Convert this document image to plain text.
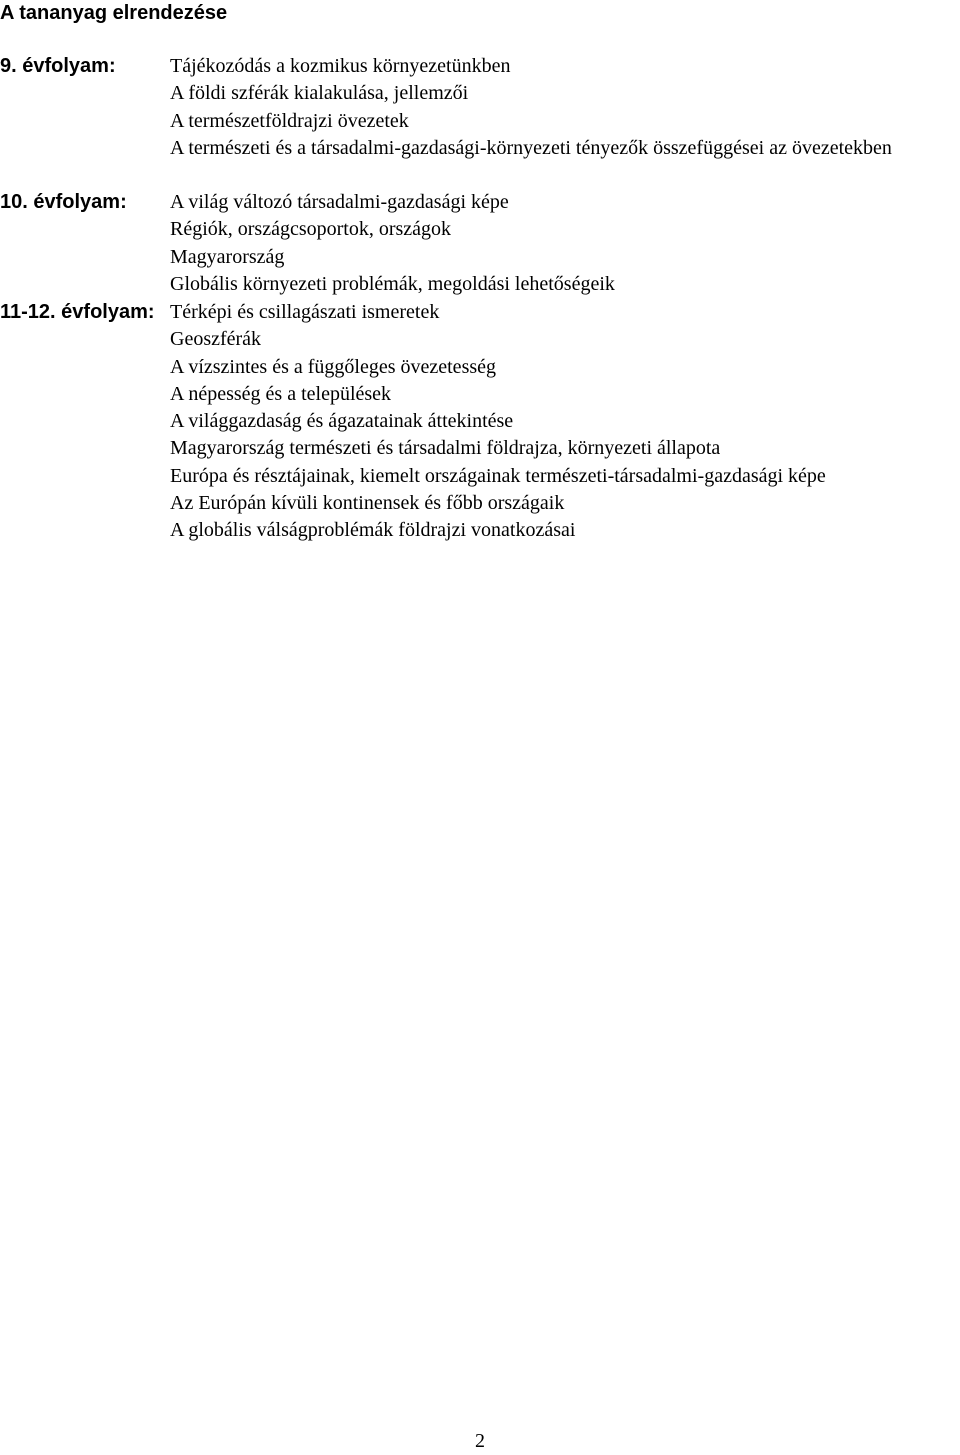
A tananyag elrendezése
9. évfolyam:	Tájékozódás a kozmikus környezetünkben
A földi szférák kialakulása, jellemzői
A természetföldrajzi övezetek
A természeti és a társadalmi-gazdasági-környezeti tényezők összefüggései az övezetekben
10. évfolyam: A világ változó társadalmi-gazdasági képe
Régiók, országcsoportok, országok
Magyarország
Globális környezeti problémák, megoldási lehetőségeik
11-12. évfolyam: Térképi és csillagászati ismeretek
Geoszférák
A vízszintes és a függőleges övezetesség
A népesség és a települések
A világgazdaság és ágazatainak áttekintése
Magyarország természeti és társadalmi földrajza, környezeti állapota
Európa és résztájainak, kiemelt országainak természeti-társadalmi-gazdasági képe
Az Európán kívüli kontinensek és főbb országaik
A globális válságproblémák földrajzi vonatkozásai
2
